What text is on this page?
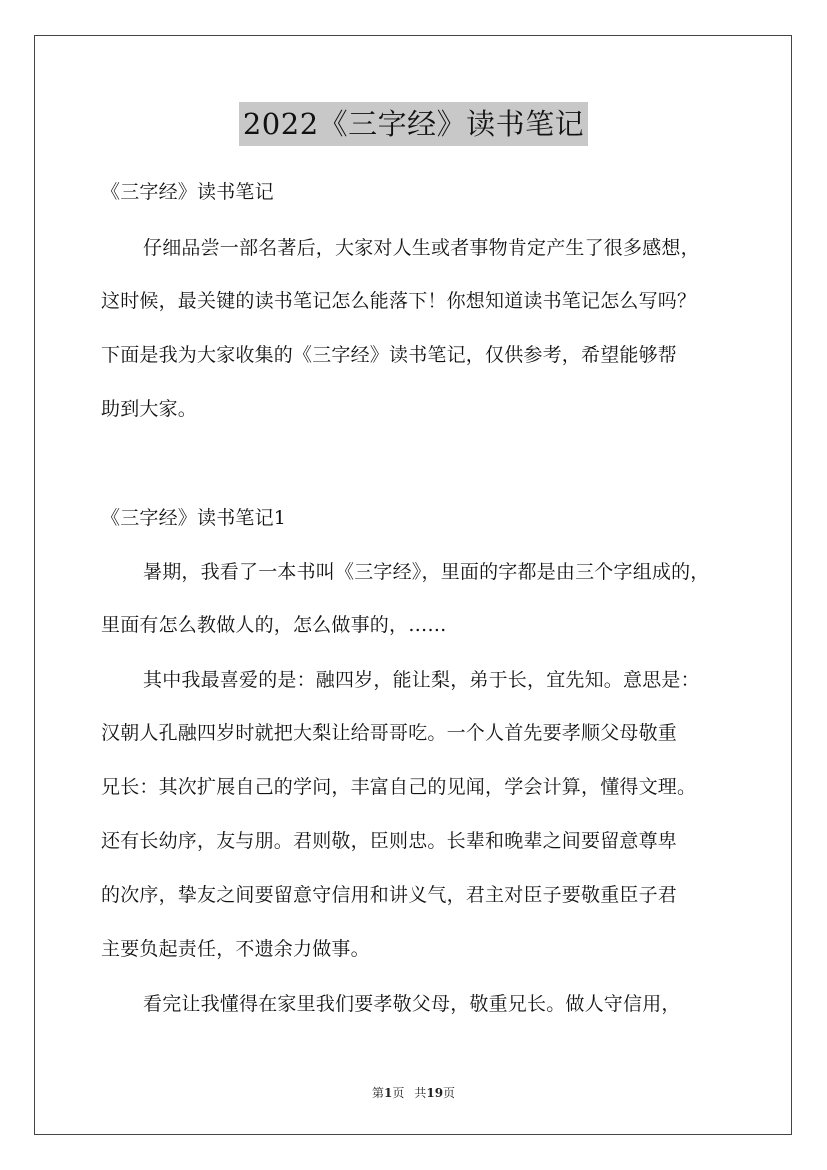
2022《三字经》读书笔记
《三字经》读书笔记
仔细品尝一部名著后，大家对人生或者事物肯定产生了很多感想，
这时候，最关键的读书笔记怎么能落下！你想知道读书笔记怎么写吗？
下面是我为大家收集的《三字经》读书笔记，仅供参考，希望能够帮
助到大家。
《三字经》读书笔记1
暑期，我看了一本书叫《三字经》，里面的字都是由三个字组成的，
里面有怎么教做人的，怎么做事的，……
其中我最喜爱的是：融四岁，能让梨，弟于长，宜先知。意思是：
汉朝人孔融四岁时就把大梨让给哥哥吃。一个人首先要孝顺父母敬重
兄长：其次扩展自己的学问，丰富自己的见闻，学会计算，懂得文理。
还有长幼序，友与朋。君则敬，臣则忠。长辈和晚辈之间要留意尊卑
的次序，挚友之间要留意守信用和讲义气，君主对臣子要敬重臣子君
主要负起责任，不遗余力做事。
看完让我懂得在家里我们要孝敬父母，敬重兄长。做人守信用，
第1页 共19页
